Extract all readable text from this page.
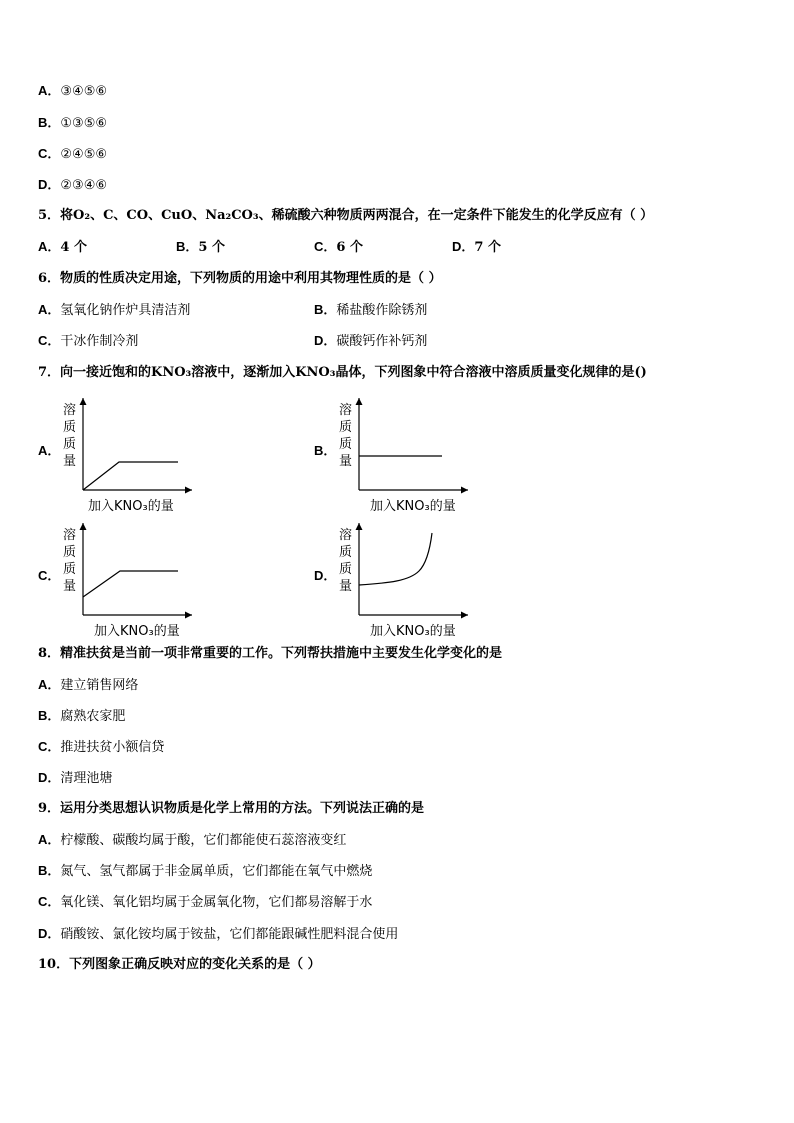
A．③④⑤⑥
B．①③⑤⑥
C．②④⑤⑥
D．②③④⑥
5．将O₂、C、CO、CuO、Na₂CO₃、稀硫酸六种物质两两混合，在一定条件下能发生的化学反应有（ ）
A．4 个	B．5 个	C．6 个	D．7 个
6．物质的性质决定用途，下列物质的用途中利用其物理性质的是（ ）
A．氢氧化钠作炉具清洁剂	B．稀盐酸作除锈剂
C．干冰作制冷剂	D．碳酸钙作补钙剂
7．向一接近饱和的KNO₃溶液中，逐渐加入KNO₃晶体，下列图象中符合溶液中溶质质量变化规律的是()
A．	B．
C．	D．
溶
质
质
量
加入KNO₃的量
溶
质
质
量
加入KNO₃的量
溶
质
质
量
加入KNO₃的量
溶
质
质
量
加入KNO₃的量
8．精准扶贫是当前一项非常重要的工作。下列帮扶措施中主要发生化学变化的是
A．建立销售网络
B．腐熟农家肥
C．推进扶贫小额信贷
D．清理池塘
9．运用分类思想认识物质是化学上常用的方法。下列说法正确的是
A．柠檬酸、碳酸均属于酸，它们都能使石蕊溶液变红
B．氮气、氢气都属于非金属单质，它们都能在氧气中燃烧
C．氧化镁、氧化铝均属于金属氧化物，它们都易溶解于水
D．硝酸铵、氯化铵均属于铵盐，它们都能跟碱性肥料混合使用
10．下列图象正确反映对应的变化关系的是（ ）
